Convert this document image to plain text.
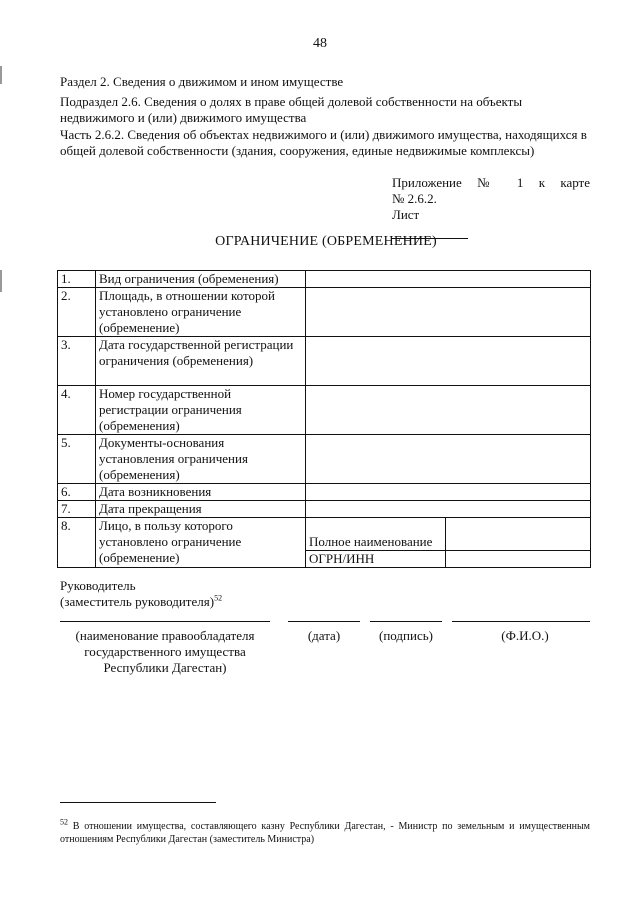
48
Раздел 2. Сведения о движимом и ином имуществе
Подраздел 2.6. Сведения о долях в праве общей долевой собственности на объекты недвижимого и (или) движимого имущества
Часть 2.6.2. Сведения об объектах недвижимого и (или) движимого имущества, находящихся в общей долевой собственности (здания, сооружения, единые недвижимые комплексы)
Приложение № 1 к карте
№ 2.6.2.
Лист
ОГРАНИЧЕНИЕ (ОБРЕМЕНЕНИЕ)
1.	Вид ограничения (обременения)		
2.	Площадь, в отношении которой установлено ограничение (обременение)		
3.	Дата государственной регистрации ограничения (обременения)		
4.	Номер государственной регистрации ограничения (обременения)		
5.	Документы-основания установления ограничения (обременения)		
6.	Дата возникновения		
7.	Дата прекращения		
8.	Лицо, в пользу которого установлено ограничение (обременение)	Полное наименование	
		ОГРН/ИНН	
Руководитель
(заместитель руководителя)$^{52}$
(наименование правообладателя государственного имущества Республики Дагестан)
(дата)	(подпись)	(Ф.И.О.)
$^{52}$ В отношении имущества, составляющего казну Республики Дагестан, - Министр по земельным и имущественным отношениям Республики Дагестан (заместитель Министра)
